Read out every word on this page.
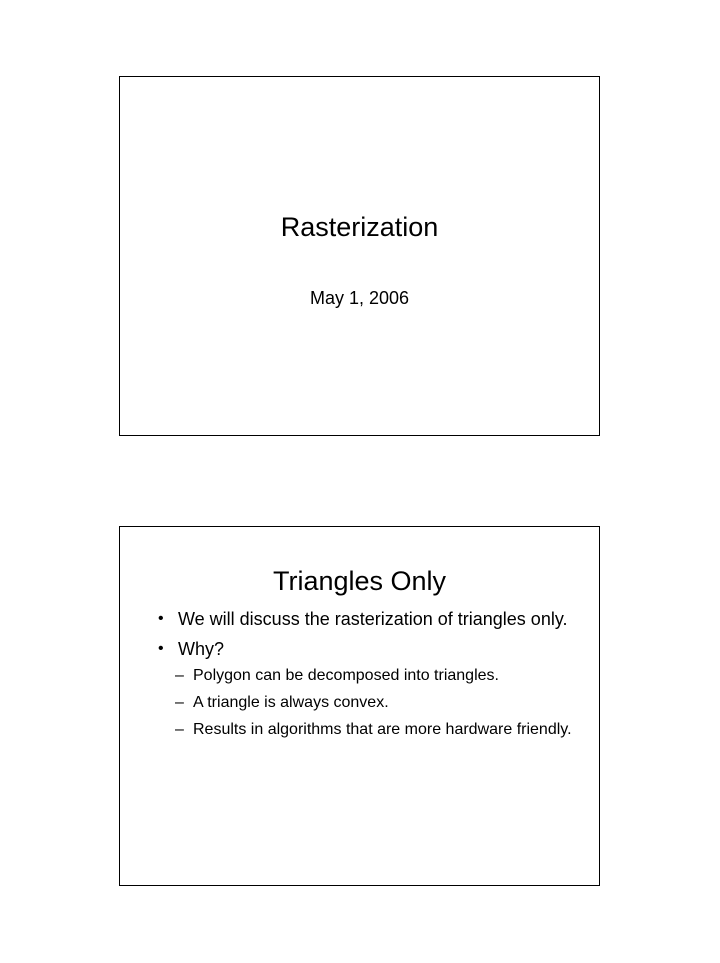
Rasterization
May 1, 2006
Triangles Only
• We will discuss the rasterization of triangles only.
• Why?
– Polygon can be decomposed into triangles.
– A triangle is always convex.
– Results in algorithms that are more hardware friendly.
